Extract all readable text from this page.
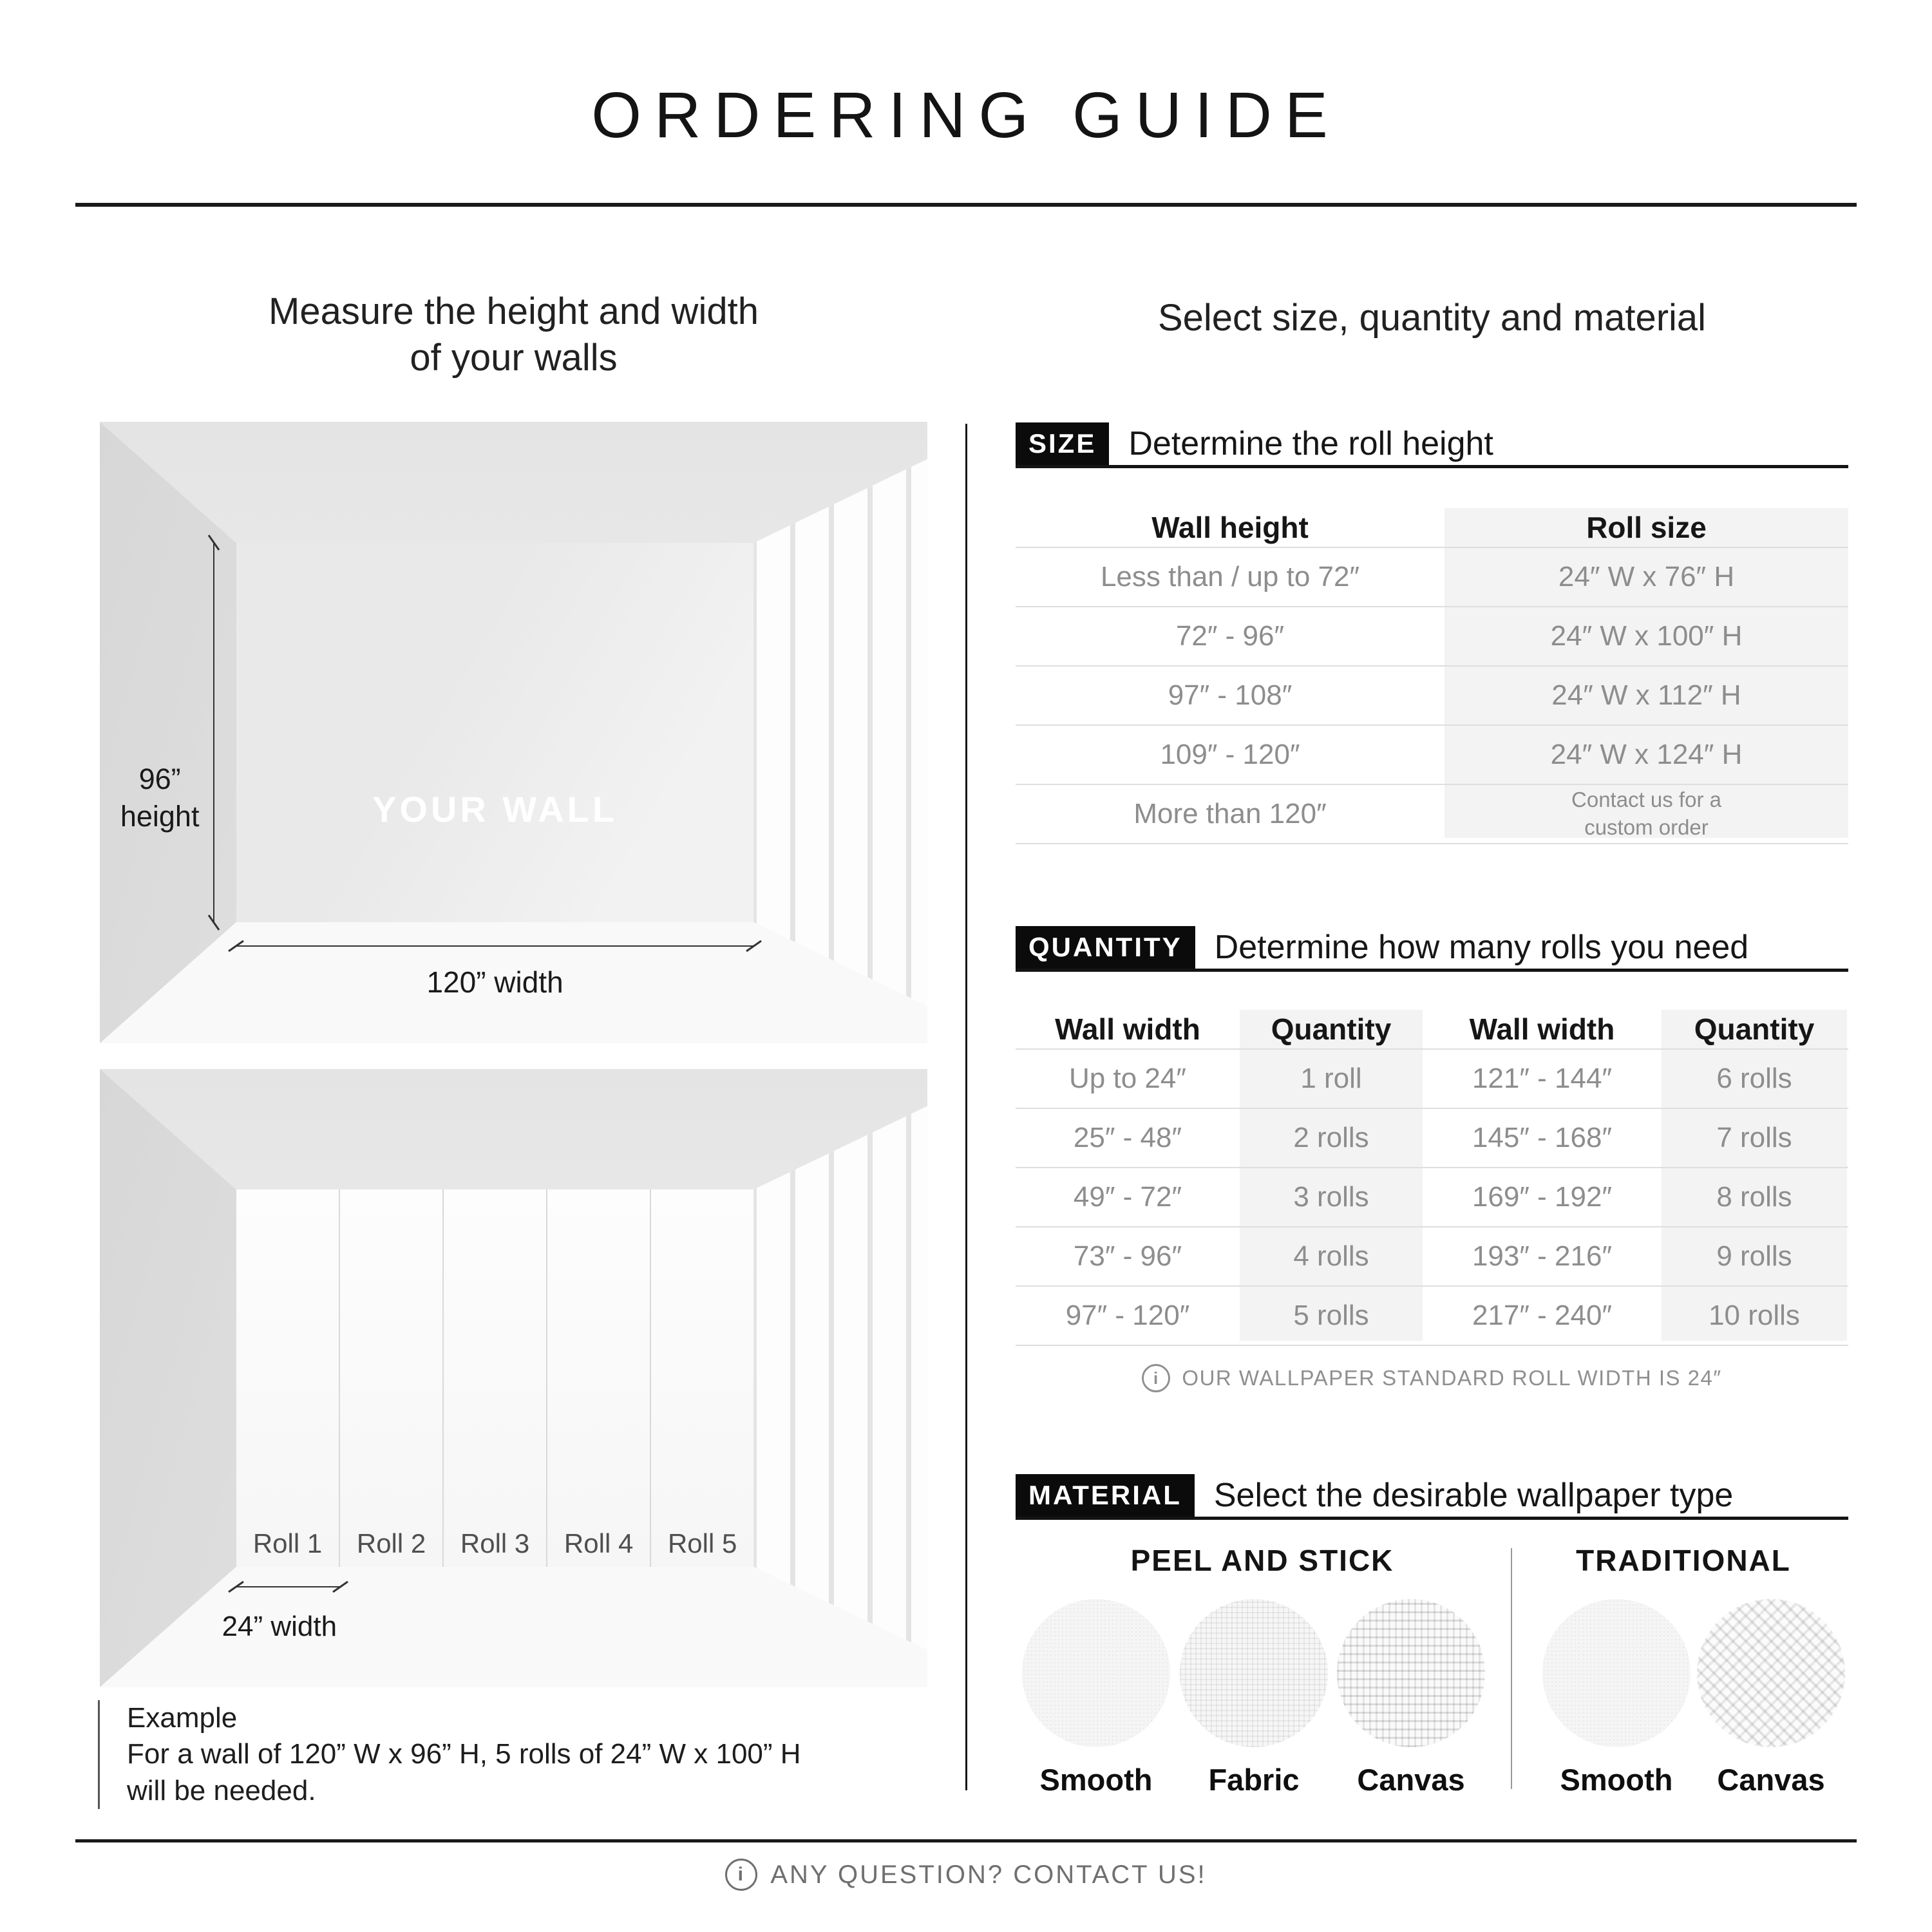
ORDERING GUIDE
Measure the height and width
of your walls
YOUR WALL
96”
height
120” width
Roll 1	Roll 2	Roll 3	Roll 4	Roll 5
24” width
Example
For a wall of 120” W x 96” H, 5 rolls of 24” W x 100” H
will be needed.
Select size, quantity and material
SIZE Determine the roll height
Wall height	Roll size
Less than / up to 72″	24″ W x 76″ H
72″ - 96″	24″ W x 100″ H
97″ - 108″	24″ W x 112″ H
109″ - 120″	24″ W x 124″ H
More than 120″	Contact us for a custom order
QUANTITY Determine how many rolls you need
Wall width	Quantity	Wall width	Quantity
Up to 24″	1 roll	121″ - 144″	6 rolls
25″ - 48″	2 rolls	145″ - 168″	7 rolls
49″ - 72″	3 rolls	169″ - 192″	8 rolls
73″ - 96″	4 rolls	193″ - 216″	9 rolls
97″ - 120″	5 rolls	217″ - 240″	10 rolls
i
OUR WALLPAPER STANDARD ROLL WIDTH IS 24″
MATERIAL Select the desirable wallpaper type
PEEL AND STICK	TRADITIONAL
Smooth	Fabric	Canvas	Smooth	Canvas
i
ANY QUESTION? CONTACT US!
